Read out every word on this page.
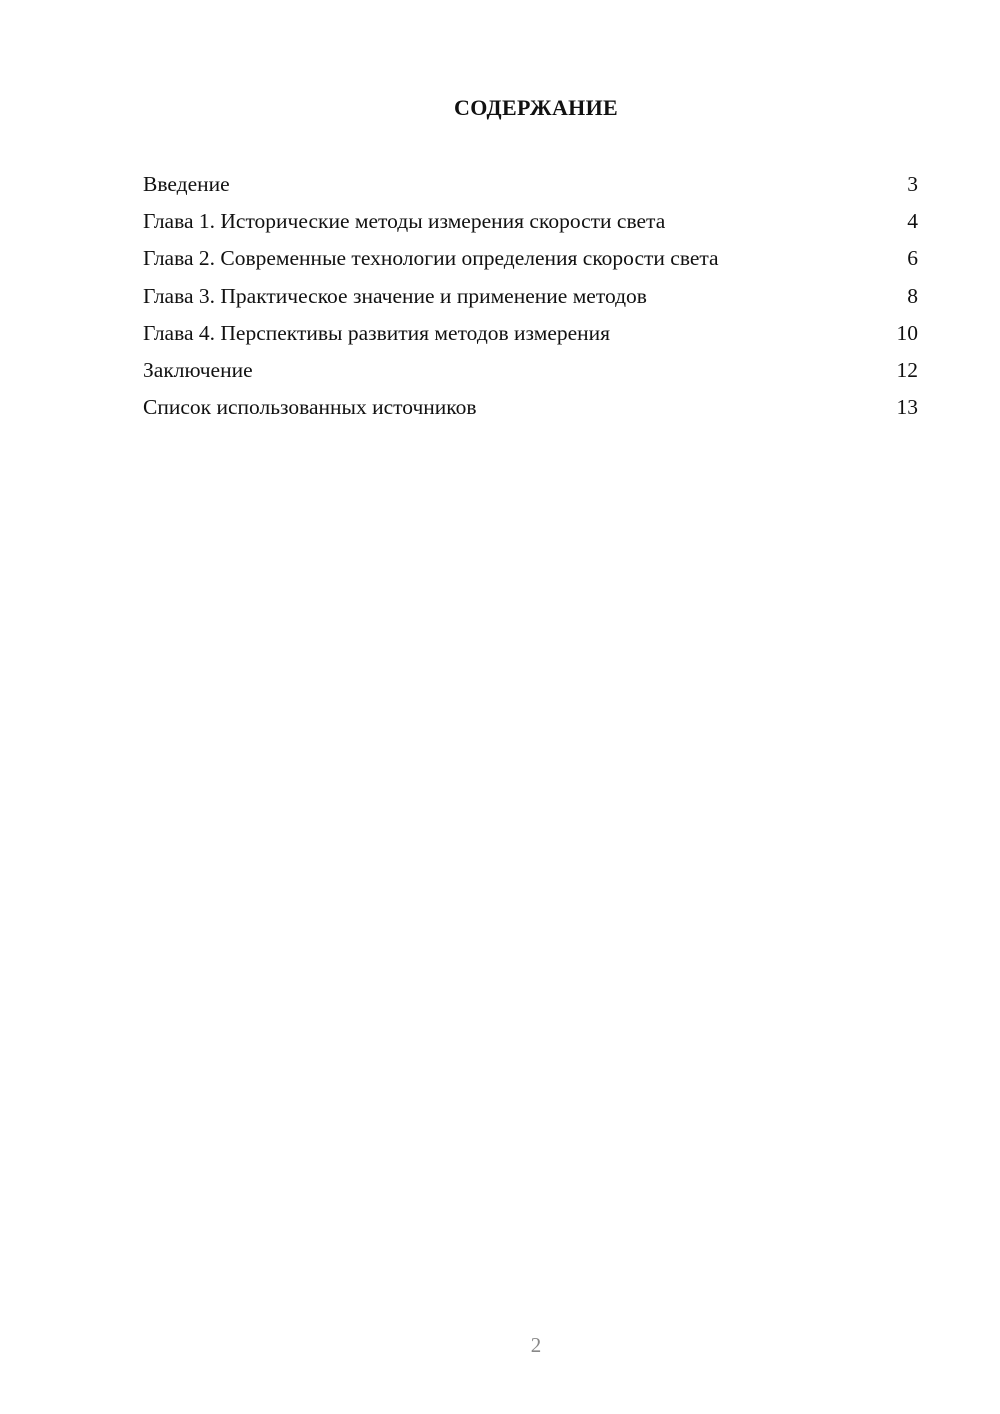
СОДЕРЖАНИЕ
Введение	3
Глава 1. Исторические методы измерения скорости света	4
Глава 2. Современные технологии определения скорости света	6
Глава 3. Практическое значение и применение методов	8
Глава 4. Перспективы развития методов измерения	10
Заключение	12
Список использованных источников	13
2
